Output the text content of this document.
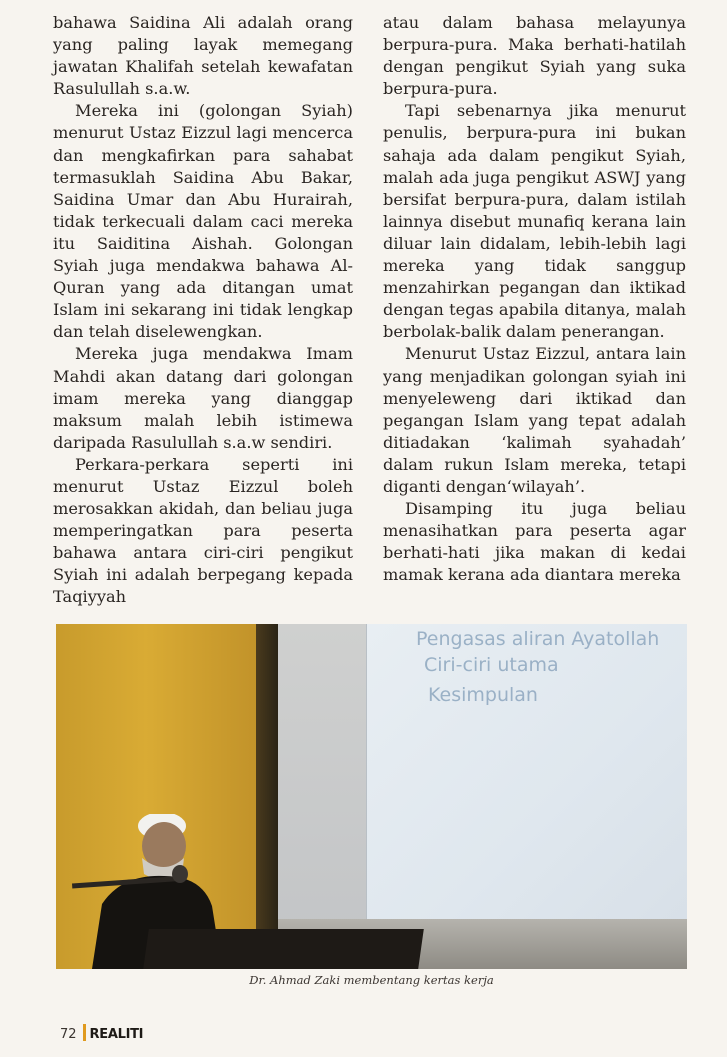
bahawa Saidina Ali adalah orang yang paling layak memegang jawatan Khalifah setelah kewafatan Rasulullah s.a.w.

Mereka ini (golongan Syiah) menurut Ustaz Eizzul lagi mencerca dan mengkafirkan para sahabat termasuklah Saidina Abu Bakar, Saidina Umar dan Abu Hurairah, tidak terkecuali dalam caci mereka itu Saiditina Aishah. Golongan Syiah juga mendakwa bahawa Al-Quran yang ada ditangan umat Islam ini sekarang ini tidak lengkap dan telah diselewengkan.

Mereka juga mendakwa Imam Mahdi akan datang dari golongan imam mereka yang dianggap maksum malah lebih istimewa daripada Rasulullah s.a.w sendiri.

Perkara-perkara seperti ini menurut Ustaz Eizzul boleh merosakkan akidah, dan beliau juga memperingatkan para peserta bahawa antara ciri-ciri pengikut Syiah ini adalah berpegang kepada Taqiyyah

atau dalam bahasa melayunya berpura-pura. Maka berhati-hatilah dengan pengikut Syiah yang suka berpura-pura.

Tapi sebenarnya jika menurut penulis, berpura-pura ini bukan sahaja ada dalam pengikut Syiah, malah ada juga pengikut ASWJ yang bersifat berpura-pura, dalam istilah lainnya disebut munafiq kerana lain diluar lain didalam, lebih-lebih lagi mereka yang tidak sanggup menzahirkan pegangan dan iktikad dengan tegas apabila ditanya, malah berbolak-balik dalam penerangan.

Menurut Ustaz Eizzul, antara lain yang menjadikan golongan syiah ini menyeleweng dari iktikad dan pegangan Islam yang tepat adalah ditiadakan ‘kalimah syahadah’ dalam rukun Islam mereka, tetapi diganti dengan‘wilayah’.

Disamping itu juga beliau menasihatkan para peserta agar berhati-hati jika makan di kedai mamak kerana ada diantara mereka

Pengasas aliran Ayatollah
Ciri-ciri utama
Kesimpulan
Dr. Ahmad Zaki membentang kertas kerja
72 REALITI
